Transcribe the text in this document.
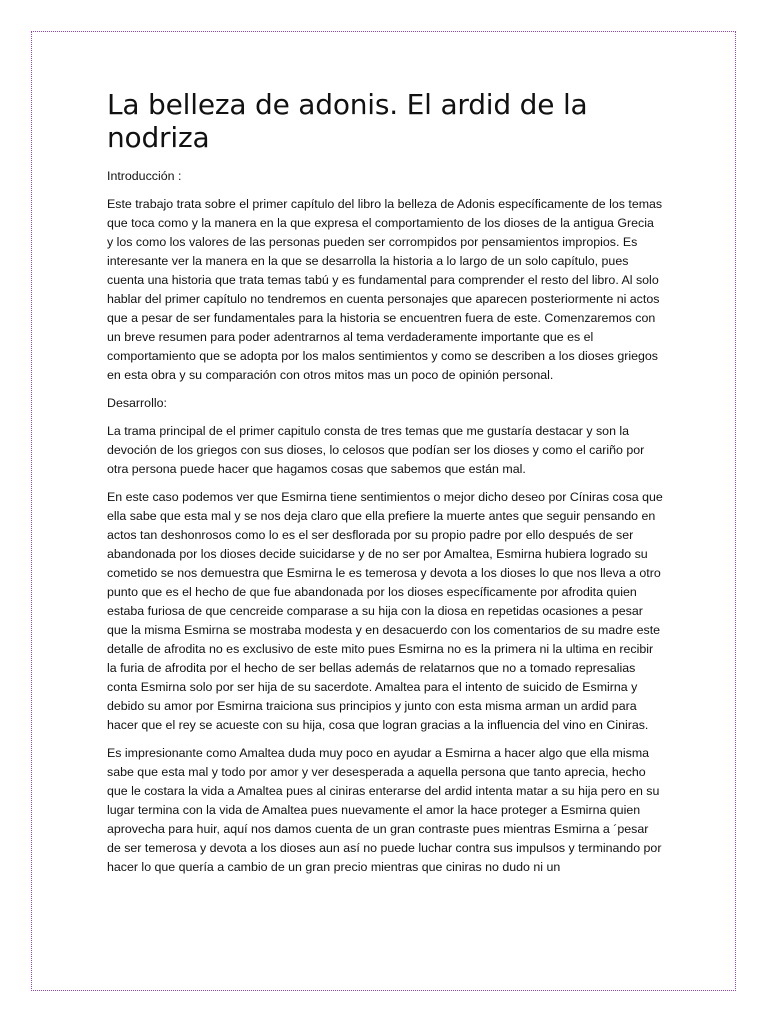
La belleza de adonis. El ardid de la nodriza

Introducción :

Este trabajo trata sobre el primer capítulo del libro la belleza de Adonis específicamente de los temas que toca como y la manera en la que expresa el comportamiento de los dioses de la antigua Grecia y los como los valores de las personas pueden ser corrompidos por pensamientos impropios. Es interesante ver la manera en la que se desarrolla la historia a lo largo de un solo capítulo, pues cuenta una historia que trata temas tabú y es fundamental para comprender el resto del libro. Al solo hablar del primer capítulo no tendremos en cuenta personajes que aparecen posteriormente ni actos que a pesar de ser fundamentales para la historia se encuentren fuera de este. Comenzaremos con un breve resumen para poder adentrarnos al tema verdaderamente importante que es el comportamiento que se adopta por los malos sentimientos y como se describen a los dioses griegos en esta obra y su comparación con otros mitos mas un poco de opinión personal.

Desarrollo:

La trama principal de el primer capitulo consta de tres temas que me gustaría destacar y son la devoción de los griegos con sus dioses, lo celosos que podían ser los dioses y como el cariño por otra persona puede hacer que hagamos cosas que sabemos que están mal.

En este caso podemos ver que Esmirna tiene sentimientos o mejor dicho deseo por Cíniras cosa que ella sabe que esta mal y se nos deja claro que ella prefiere la muerte antes que seguir pensando en actos tan deshonrosos como lo es el ser desflorada por su propio padre por ello después de ser abandonada por los dioses decide suicidarse y de no ser por Amaltea, Esmirna hubiera logrado su cometido se nos demuestra que Esmirna le es temerosa y devota a los dioses lo que nos lleva a otro punto que es el hecho de que fue abandonada por los dioses específicamente por afrodita quien estaba furiosa de que cencreide comparase a su hija con la diosa en repetidas ocasiones a pesar que la misma Esmirna se mostraba modesta y en desacuerdo con los comentarios de su madre este detalle de afrodita no es exclusivo de este mito pues Esmirna no es la primera ni la ultima en recibir la furia de afrodita por el hecho de ser bellas además de relatarnos que no a tomado represalias conta Esmirna solo por ser hija de su sacerdote. Amaltea para el intento de suicido de Esmirna y debido su amor por Esmirna traiciona sus principios y junto con esta misma arman un ardid para hacer que el rey se acueste con su hija, cosa que logran gracias a la influencia del vino en Ciniras.

Es impresionante como Amaltea duda muy poco en ayudar a Esmirna a hacer algo que ella misma sabe que esta mal y todo por amor y ver desesperada a aquella persona que tanto aprecia, hecho que le costara la vida a Amaltea pues al ciniras enterarse del ardid intenta matar a su hija pero en su lugar termina con la vida de Amaltea pues nuevamente el amor la hace proteger a Esmirna quien aprovecha para huir, aquí nos damos cuenta de un gran contraste pues mientras Esmirna a ´pesar de ser temerosa y devota a los dioses aun así no puede luchar contra sus impulsos y terminando por hacer lo que quería a cambio de un gran precio mientras que ciniras no dudo ni un
